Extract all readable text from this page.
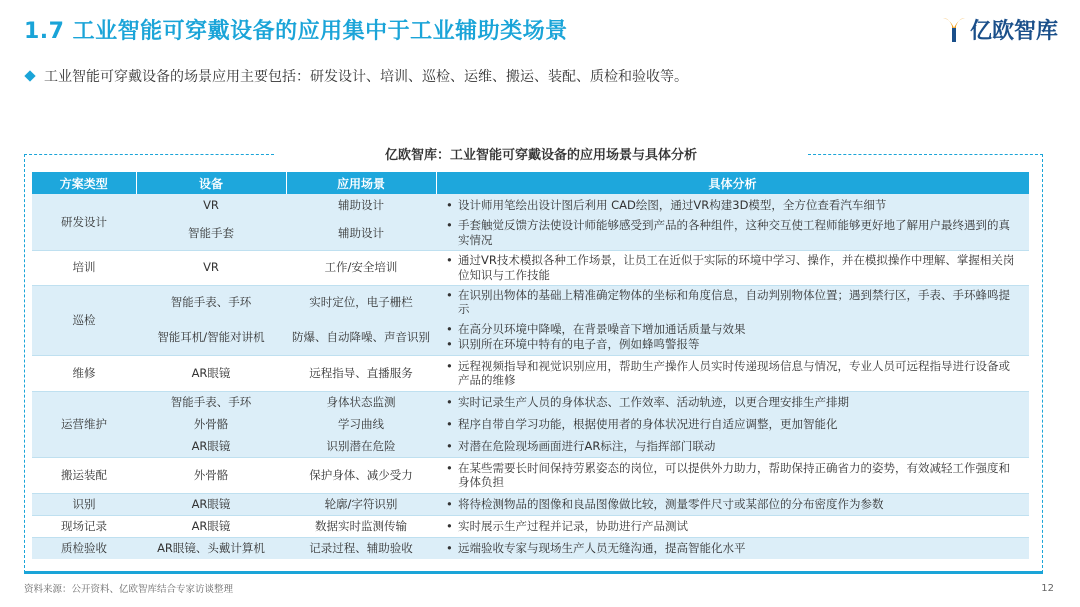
1.7 工业智能可穿戴设备的应用集中于工业辅助类场景	亿欧智库
工业智能可穿戴设备的场景应用主要包括：研发设计、培训、巡检、运维、搬运、装配、质检和验收等。
亿欧智库：工业智能可穿戴设备的应用场景与具体分析
方案类型	设备	应用场景	具体分析
研发设计	VR	辅助设计	• 设计师用笔绘出设计图后利用 CAD绘图，通过VR构建3D模型，全方位查看汽车细节

	智能手套	辅助设计	• 手套触觉反馈方法使设计师能够感受到产品的各种组件，这种交互使工程师能够更好地了解用户最终遇到的真实情况

培训	VR	工作/安全培训	• 通过VR技术模拟各种工作场景，让员工在近似于实际的环境中学习、操作，并在模拟操作中理解、掌握相关岗位知识与工作技能

巡检	智能手表、手环	实时定位，电子栅栏	• 在识别出物体的基础上精准确定物体的坐标和角度信息，自动判别物体位置；遇到禁行区，手表、手环蜂鸣提示

	智能耳机/智能对讲机	防爆、自动降噪、声音识别	• 在高分贝环境中降噪，在背景噪音下增加通话质量与效果
• 识别所在环境中特有的电子音，例如蜂鸣警报等

维修	AR眼镜	远程指导、直播服务	• 远程视频指导和视觉识别应用，帮助生产操作人员实时传递现场信息与情况，专业人员可远程指导进行设备或产品的维修

运营维护	智能手表、手环	身体状态监测	• 实时记录生产人员的身体状态、工作效率、活动轨迹，以更合理安排生产排期

	外骨骼	学习曲线	• 程序自带自学习功能，根据使用者的身体状况进行自适应调整，更加智能化

	AR眼镜	识别潜在危险	• 对潜在危险现场画面进行AR标注，与指挥部门联动

搬运装配	外骨骼	保护身体、减少受力	• 在某些需要长时间保持劳累姿态的岗位，可以提供外力助力，帮助保持正确省力的姿势，有效减轻工作强度和身体负担

识别	AR眼镜	轮廓/字符识别	• 将待检测物品的图像和良品图像做比较，测量零件尺寸或某部位的分布密度作为参数

现场记录	AR眼镜	数据实时监测传输	• 实时展示生产过程并记录，协助进行产品测试

质检验收	AR眼镜、头戴计算机	记录过程、辅助验收	• 远端验收专家与现场生产人员无缝沟通，提高智能化水平
资料来源：公开资料、亿欧智库结合专家访谈整理	12
